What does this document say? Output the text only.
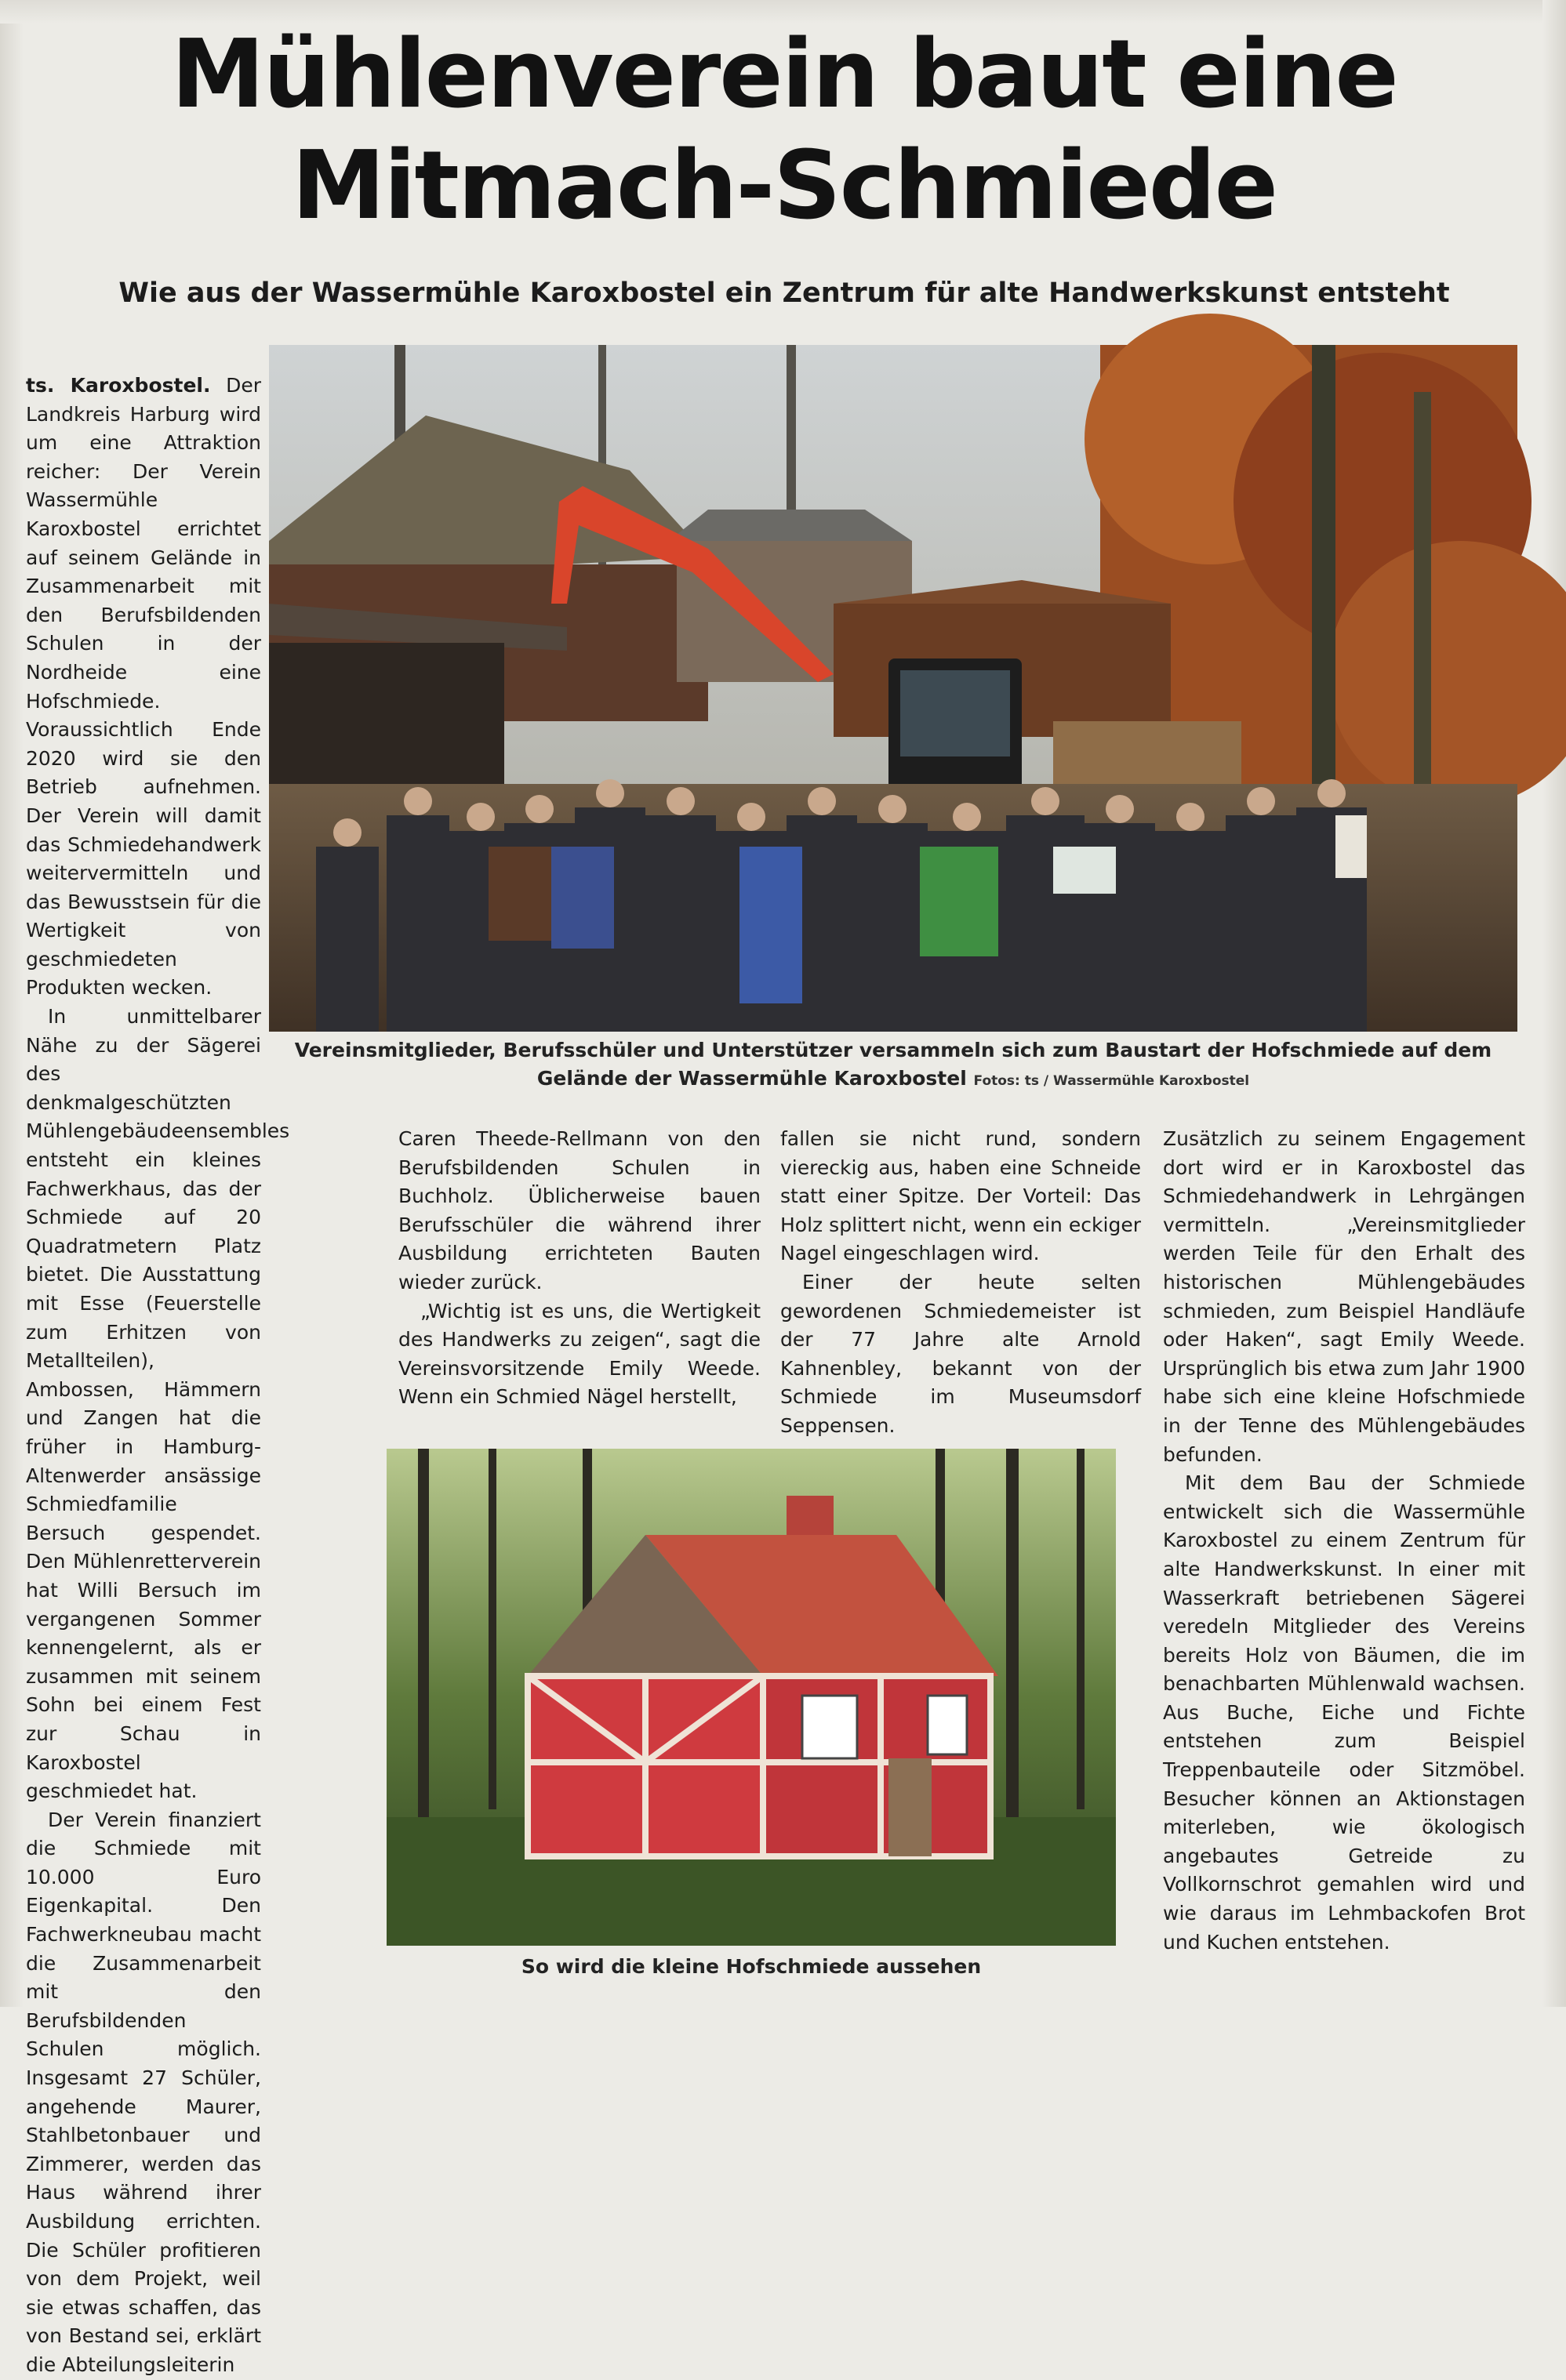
Mühlenverein baut eine
Mitmach-Schmiede
Wie aus der Wassermühle Karoxbostel ein Zentrum für alte Handwerkskunst entsteht

ts. Karoxbostel. Der Landkreis Harburg wird um eine Attraktion reicher: Der Verein Wassermühle Karoxbostel errichtet auf seinem Gelände in Zusammenarbeit mit den Berufsbildenden Schulen in der Nordheide eine Hofschmiede. Voraussichtlich Ende 2020 wird sie den Betrieb aufnehmen. Der Verein will damit das Schmiedehandwerk weitervermitteln und das Bewusstsein für die Wertigkeit von geschmiedeten Produkten wecken.

In unmittelbarer Nähe zu der Sägerei des denkmalgeschützten Mühlengebäudeensembles entsteht ein kleines Fachwerkhaus, das der Schmiede auf 20 Quadratmetern Platz bietet. Die Ausstattung mit Esse (Feuerstelle zum Erhitzen von Metallteilen), Ambossen, Hämmern und Zangen hat die früher in Hamburg-Altenwerder ansässige Schmiedfamilie Bersuch gespendet. Den Mühlenretterverein hat Willi Bersuch im vergangenen Sommer kennengelernt, als er zusammen mit seinem Sohn bei einem Fest zur Schau in Karoxbostel geschmiedet hat.

Der Verein finanziert die Schmiede mit 10.000 Euro Eigenkapital. Den Fachwerkneubau macht die Zusammenarbeit mit den Berufsbildenden Schulen möglich. Insgesamt 27 Schüler, angehende Maurer, Stahlbetonbauer und Zimmerer, werden das Haus während ihrer Ausbildung errichten. Die Schüler profitieren von dem Projekt, weil sie etwas schaffen, das von Bestand sei, erklärt die Abteilungsleiterin

Vereinsmitglieder, Berufsschüler und Unterstützer versammeln sich zum Baustart der Hofschmiede auf dem
Gelände der Wassermühle Karoxbostel Fotos: ts / Wassermühle Karoxbostel

Caren Theede-Rellmann von den Berufsbildenden Schulen in Buchholz. Üblicherweise bauen Berufsschüler die während ihrer Ausbildung errichteten Bauten wieder zurück.

„Wichtig ist es uns, die Wertigkeit des Handwerks zu zeigen“, sagt die Vereinsvorsitzende Emily Weede. Wenn ein Schmied Nägel herstellt,

fallen sie nicht rund, sondern viereckig aus, haben eine Schneide statt einer Spitze. Der Vorteil: Das Holz splittert nicht, wenn ein eckiger Nagel eingeschlagen wird.

Einer der heute selten gewordenen Schmiedemeister ist der 77 Jahre alte Arnold Kahnenbley, bekannt von der Schmiede im Museumsdorf Seppensen.

Zusätzlich zu seinem Engagement dort wird er in Karoxbostel das Schmiedehandwerk in Lehrgängen vermitteln. „Vereinsmitglieder werden Teile für den Erhalt des historischen Mühlengebäudes schmieden, zum Beispiel Handläufe oder Haken“, sagt Emily Weede. Ursprünglich bis etwa zum Jahr 1900 habe sich eine kleine Hofschmiede in der Tenne des Mühlengebäudes befunden.

Mit dem Bau der Schmiede entwickelt sich die Wassermühle Karoxbostel zu einem Zentrum für alte Handwerkskunst. In einer mit Wasserkraft betriebenen Sägerei veredeln Mitglieder des Vereins bereits Holz von Bäumen, die im benachbarten Mühlenwald wachsen. Aus Buche, Eiche und Fichte entstehen zum Beispiel Treppenbauteile oder Sitzmöbel. Besucher können an Aktionstagen miterleben, wie ökologisch angebautes Getreide zu Vollkornschrot gemahlen wird und wie daraus im Lehmbackofen Brot und Kuchen entstehen.

So wird die kleine Hofschmiede aussehen
